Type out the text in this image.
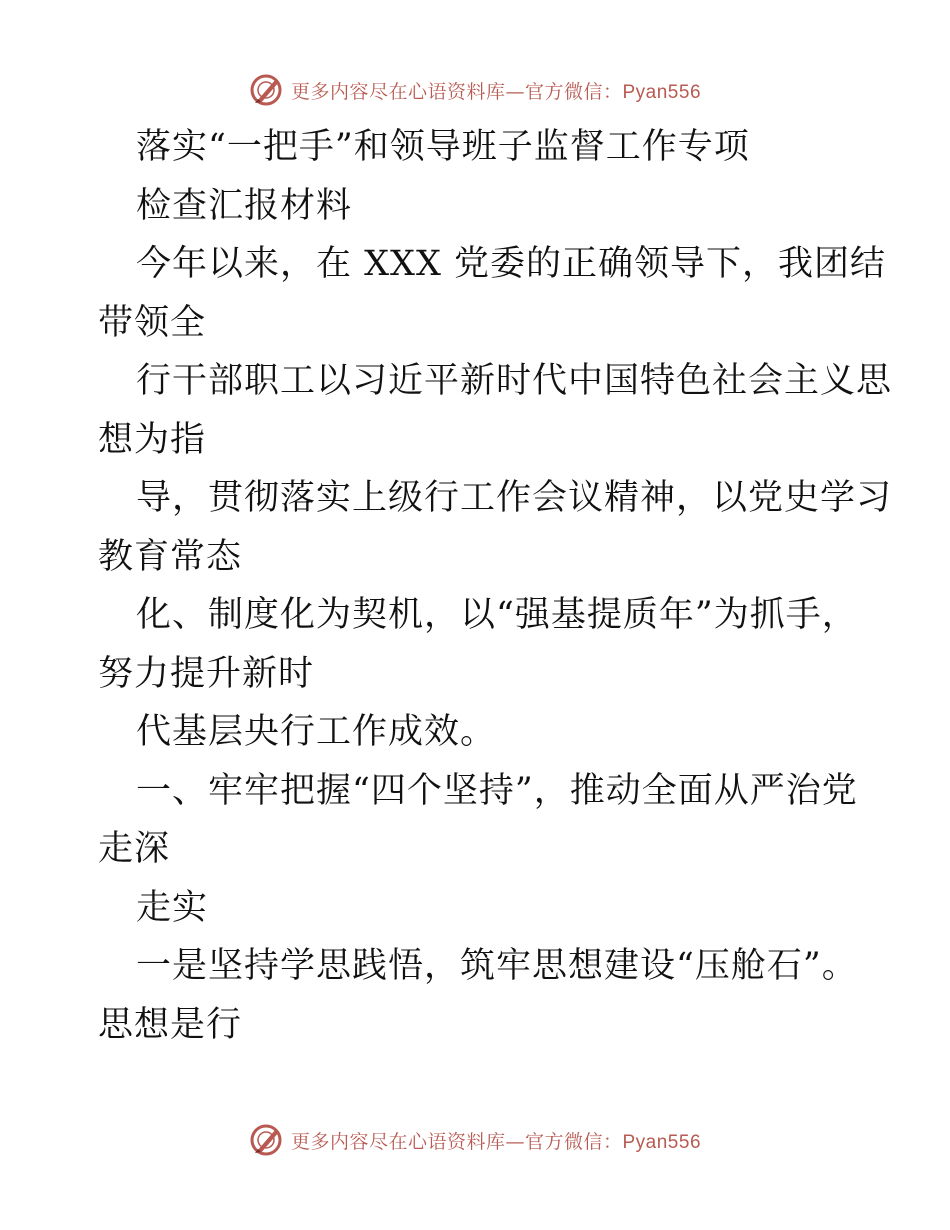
更多内容尽在心语资料库—官方微信：Pyan556
落实“一把手”和领导班子监督工作专项
检查汇报材料
今年以来，在 XXX 党委的正确领导下，我团结
带领全
行干部职工以习近平新时代中国特色社会主义思
想为指
导，贯彻落实上级行工作会议精神，以党史学习
教育常态
化、制度化为契机，以“强基提质年”为抓手，
努力提升新时
代基层央行工作成效。
一、牢牢把握“四个坚持”，推动全面从严治党
走深
走实
一是坚持学思践悟，筑牢思想建设“压舱石”。
思想是行
更多内容尽在心语资料库—官方微信：Pyan556
